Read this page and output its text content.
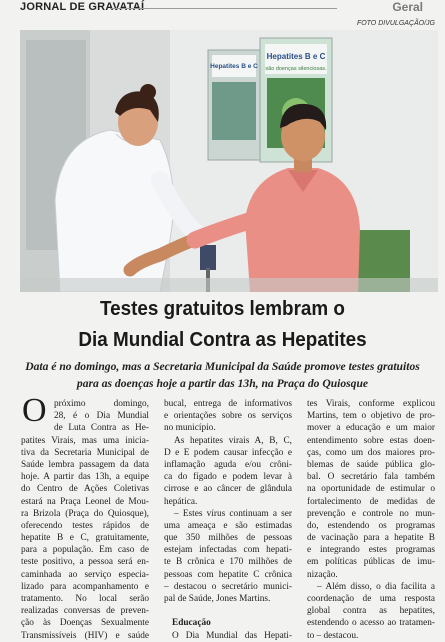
JORNAL DE GRAVATAÍ	Geral
FOTO DIVULGAÇÃO/JG
Hepatites B e C
Hepatites B e C
são doenças silenciosas.
Testes gratuitos lembram o
Dia Mundial Contra as Hepatites
Data é no domingo, mas a Secretaria Municipal da Saúde promove testes gratuitos
para as doenças hoje a partir das 13h, na Praça do Quiosque
O próximo domingo,
28, é o Dia Mundial
de Luta Contra as He-
patites Virais, mas uma inicia-
tiva da Secretaria Municipal de
Saúde lembra passagem da data
hoje. A partir das 13h, a equipe
do Centro de Ações Coletivas
estará na Praça Leonel de Mou-
ra Brizola (Praça do Quiosque),
oferecendo testes rápidos de
hepatite B e C, gratuitamente,
para a população. Em caso de
teste positivo, a pessoa será en-
caminhada ao serviço especia-
lizado para acompanhamento e
tratamento. No local serão
realizadas conversas de preven-
ção às Doenças Sexualmente
Transmissíveis (HIV) e saúde
bucal, entrega de informativos
e orientações sobre os serviços
no município.
As hepatites virais A, B, C,
D e E podem causar infecção e
inflamação aguda e/ou crôni-
ca do fígado e podem levar à
cirrose e ao câncer de glândula
hepática.
– Estes vírus continuam a ser
uma ameaça e são estimadas
que 350 milhões de pessoas
estejam infectadas com hepati-
te B crônica e 170 milhões de
pessoas com hepatite C crônica
– destacou o secretário munici-
pal de Saúde, Jones Martins.
Educação
O Dia Mundial das Hepati-
tes Virais, conforme explicou
Martins, tem o objetivo de pro-
mover a educação e um maior
entendimento sobre estas doen-
ças, como um dos maiores pro-
blemas de saúde pública glo-
bal. O secretário fala também
na oportunidade de estimular o
fortalecimento de medidas de
prevenção e controle no mun-
do, estendendo os programas
de vacinação para a hepatite B
e integrando estes programas
em políticas públicas de imu-
nização.
– Além disso, o dia facilita a
coordenação de uma resposta
global contra as hepatites,
estendendo o acesso ao tratamen-
to – destacou.
